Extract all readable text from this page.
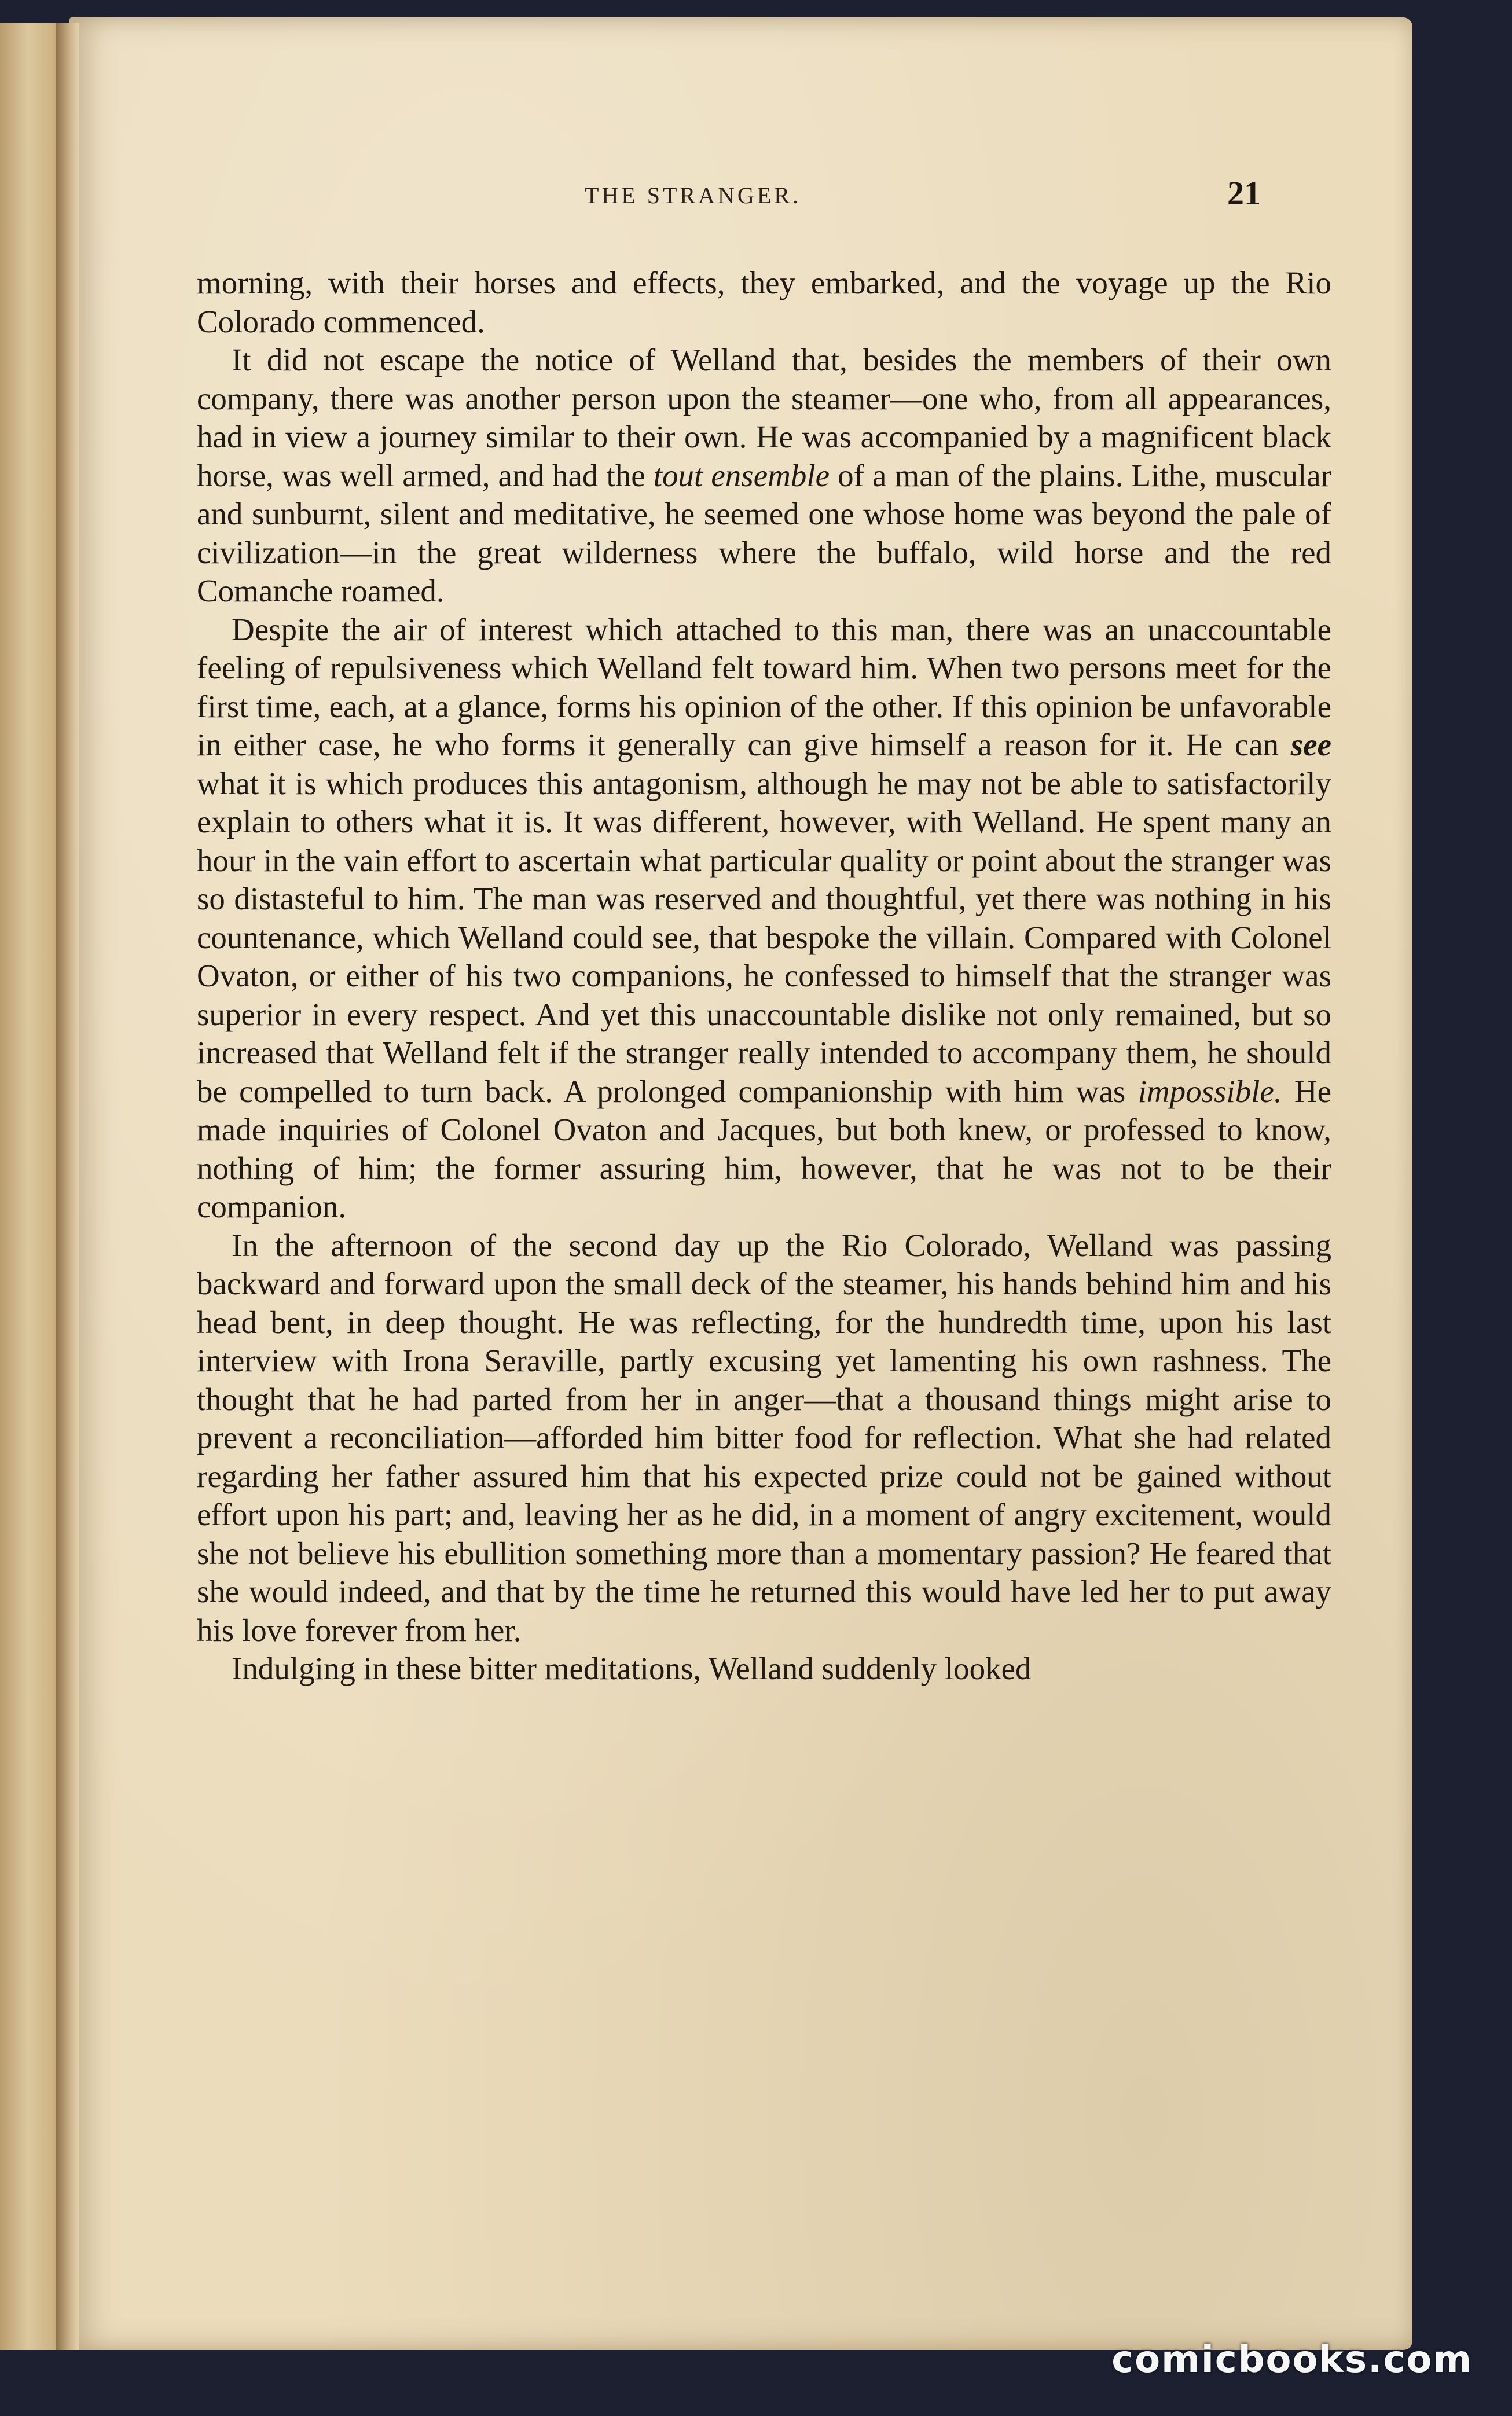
THE STRANGER.	21

morning, with their horses and effects, they embarked, and the voyage up the Rio Colorado commenced.

It did not escape the notice of Welland that, besides the members of their own company, there was another person upon the steamer—one who, from all appearances, had in view a journey similar to their own. He was accompanied by a magnificent black horse, was well armed, and had the tout ensemble of a man of the plains. Lithe, muscular and sunburnt, silent and meditative, he seemed one whose home was beyond the pale of civilization—in the great wilderness where the buffalo, wild horse and the red Comanche roamed.

Despite the air of interest which attached to this man, there was an unaccountable feeling of repulsiveness which Welland felt toward him. When two persons meet for the first time, each, at a glance, forms his opinion of the other. If this opinion be unfavorable in either case, he who forms it generally can give himself a reason for it. He can see what it is which produces this antagonism, although he may not be able to satisfactorily explain to others what it is. It was different, however, with Welland. He spent many an hour in the vain effort to ascertain what particular quality or point about the stranger was so distasteful to him. The man was reserved and thoughtful, yet there was nothing in his countenance, which Welland could see, that bespoke the villain. Compared with Colonel Ovaton, or either of his two companions, he confessed to himself that the stranger was superior in every respect. And yet this unaccountable dislike not only remained, but so increased that Welland felt if the stranger really intended to accompany them, he should be compelled to turn back. A prolonged companionship with him was impossible. He made inquiries of Colonel Ovaton and Jacques, but both knew, or professed to know, nothing of him; the former assuring him, however, that he was not to be their companion.

In the afternoon of the second day up the Rio Colorado, Welland was passing backward and forward upon the small deck of the steamer, his hands behind him and his head bent, in deep thought. He was reflecting, for the hundredth time, upon his last interview with Irona Seraville, partly excusing yet lamenting his own rashness. The thought that he had parted from her in anger—that a thousand things might arise to prevent a reconciliation—afforded him bitter food for reflection. What she had related regarding her father assured him that his expected prize could not be gained without effort upon his part; and, leaving her as he did, in a moment of angry excitement, would she not believe his ebullition something more than a momentary passion? He feared that she would indeed, and that by the time he returned this would have led her to put away his love forever from her.

Indulging in these bitter meditations, Welland suddenly looked

comicbooks.com
